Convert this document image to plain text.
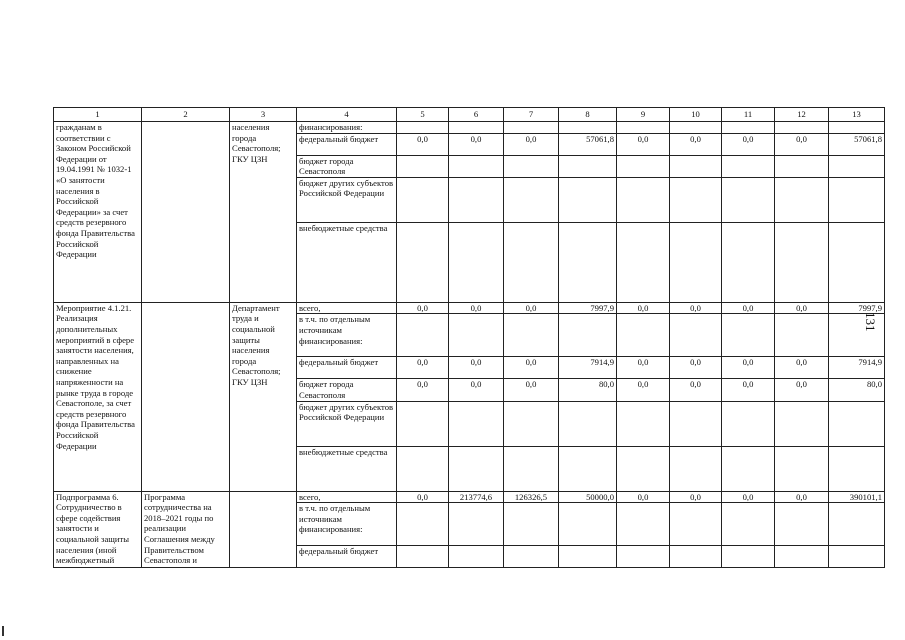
1	2	3	4	5	6	7	8	9	10	11	12	13
гражданам в соответствии с Законом Российской Федерации от 19.04.1991 № 1032-1 «О занятости населения в Российской Федерации» за счет средств резервного фонда Правительства Российской Федерации		населения города Севастополя; ГКУ ЦЗН	финансирования:									
			федеральный бюджет	0,0	0,0	0,0	57061,8	0,0	0,0	0,0	0,0	57061,8
			бюджет города Севастополя									
			бюджет других субъектов Российской Федерации									
			внебюджетные средства									
Мероприятие 4.1.21. Реализация дополнительных мероприятий в сфере занятости населения, направленных на снижение напряженности на рынке труда в городе Севастополе, за счет средств резервного фонда Правительства Российской Федерации		Департамент труда и социальной защиты населения города Севастополя; ГКУ ЦЗН	всего,	0,0	0,0	0,0	7997,9	0,0	0,0	0,0	0,0	7997,9
			в т.ч. по отдельным источникам финансирования:									
			федеральный бюджет	0,0	0,0	0,0	7914,9	0,0	0,0	0,0	0,0	7914,9
			бюджет города Севастополя	0,0	0,0	0,0	80,0	0,0	0,0	0,0	0,0	80,0
			бюджет других субъектов Российской Федерации									
			внебюджетные средства									
Подпрограмма 6. Сотрудничество в сфере содействия занятости и социальной защиты населения (иной межбюджетный	Программа сотрудничества на 2018–2021 годы по реализации Соглашения между Правительством Севастополя и		всего,	0,0	213774,6	126326,5	50000,0	0,0	0,0	0,0	0,0	390101,1
			в т.ч. по отдельным источникам финансирования:									
			федеральный бюджет									
131
